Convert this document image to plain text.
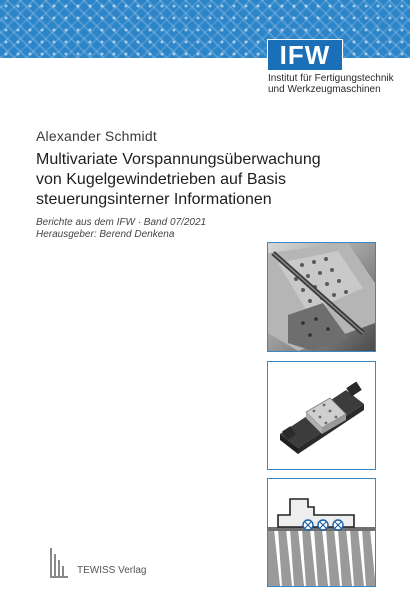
IFW
Institut für Fertigungstechnik
und Werkzeugmaschinen
Alexander Schmidt
Multivariate Vorspannungsüberwachung
von Kugelgewindetrieben auf Basis
steuerungsinterner Informationen
Berichte aus dem IFW · Band 07/2021
Herausgeber: Berend Denkena
TEWISS Verlag
